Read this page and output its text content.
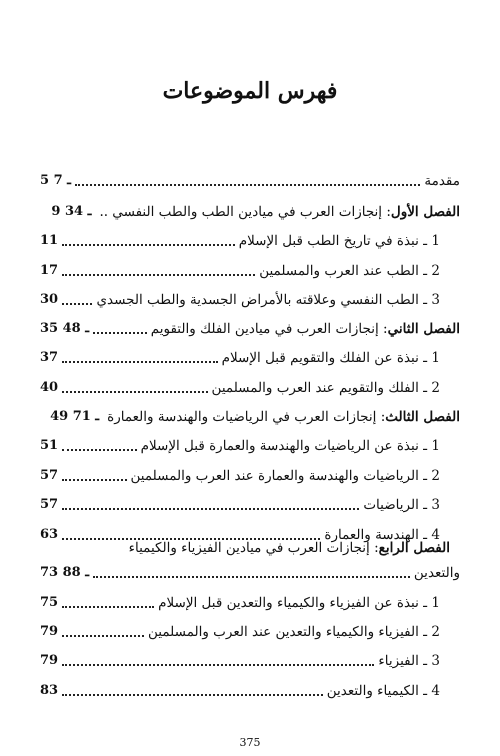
فهرس الموضوعات
مقدمة
5 ـ 7
الفصل الأول: إنجازات العرب في ميادين الطب والطب النفسي ..
9 ـ 34
1 ـ نبذة في تاريخ الطب قبل الإسلام
11
2 ـ الطب عند العرب والمسلمين
17
3 ـ الطب النفسي وعلاقته بالأمراض الجسدية والطب الجسدي
30
الفصل الثاني: إنجازات العرب في ميادين الفلك والتقويم
35 ـ 48
1 ـ نبذة عن الفلك والتقويم قبل الإسلام
37
2 ـ الفلك والتقويم عند العرب والمسلمين
40
الفصل الثالث: إنجازات العرب في الرياضيات والهندسة والعمارة
49 ـ 71
1 ـ نبذة عن الرياضيات والهندسة والعمارة قبل الإسلام
51
2 ـ الرياضيات والهندسة والعمارة عند العرب والمسلمين
57
3 ـ الرياضيات
57
4 ـ الهندسة والعمارة
63
الفصل الرابع: إنجازات العرب في ميادين الفيزياء والكيمياء
والتعدين
73 ـ 88
1 ـ نبذة عن الفيزياء والكيمياء والتعدين قبل الإسلام
75
2 ـ الفيزياء والكيمياء والتعدين عند العرب والمسلمين
79
3 ـ الفيزياء
79
4 ـ الكيمياء والتعدين
83
375
